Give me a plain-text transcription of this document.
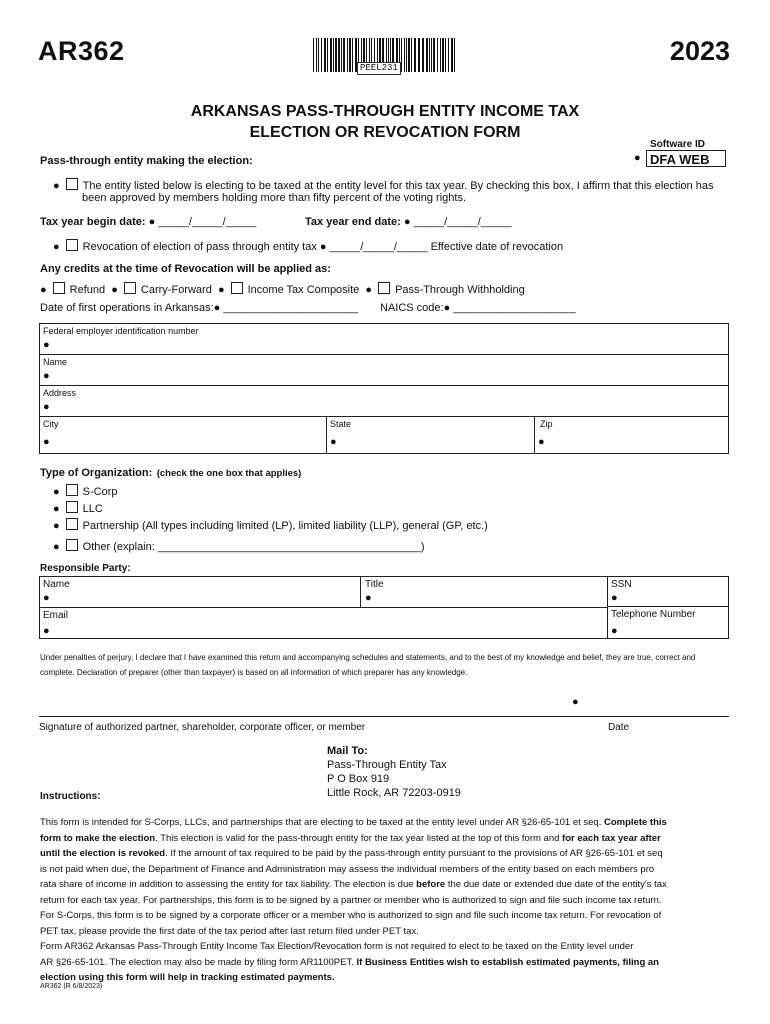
AR362	2023
PEEL231
ARKANSAS PASS-THROUGH ENTITY INCOME TAX
ELECTION OR REVOCATION FORM
Software ID
● DFA WEB
Pass-through entity making the election:
● The entity listed below is electing to be taxed at the entity level for this tax year. By checking this box, I affirm that this election has
been approved by members holding more than fifty percent of the voting rights.
Tax year begin date: ● _____/_____/_____	Tax year end date: ● _____/_____/_____
● Revocation of election of pass through entity tax ● _____/_____/_____ Effective date of revocation
Any credits at the time of Revocation will be applied as:
● Refund ● Carry-Forward ● Income Tax Composite ● Pass-Through Withholding
Date of first operations in Arkansas:● ______________________ NAICS code:● ____________________
Federal employer identification number
●
Name
●
Address
●
City
●
State
●
Zip
●
Type of Organization: (check the one box that applies)
● S-Corp
● LLC
● Partnership (All types including limited (LP), limited liability (LLP), general (GP, etc.)
● Other (explain: ___________________________________________)
Responsible Party:
Name
●
Title
●
SSN
●
Email
●
Telephone Number
●
Under penalties of perjury, I declare that I have examined this return and accompanying schedules and statements, and to the best of my knowledge and belief, they are true, correct and
complete. Declaration of preparer (other than taxpayer) is based on all information of which preparer has any knowledge.
●
Signature of authorized partner, shareholder, corporate officer, or member	Date
Mail To:
Pass-Through Entity Tax
P O Box 919
Little Rock, AR 72203-0919
Instructions:
This form is intended for S-Corps, LLCs, and partnerships that are electing to be taxed at the entity level under AR §26-65-101 et seq. Complete this
form to make the election. This election is valid for the pass-through entity for the tax year listed at the top of this form and for each tax year after
until the election is revoked. If the amount of tax required to be paid by the pass-through entity pursuant to the provisions of AR §26-65-101 et seq
is not paid when due, the Department of Finance and Administration may assess the individual members of the entity based on each members pro
rata share of income in addition to assessing the entity for tax liability. The election is due before the due date or extended due date of the entity's tax
return for each tax year. For partnerships, this form is to be signed by a partner or member who is authorized to sign and file such income tax return.
For S-Corps, this form is to be signed by a corporate officer or a member who is authorized to sign and file such income tax return. For revocation of
PET tax, please provide the first date of the tax period after last return filed under PET tax.
Form AR362 Arkansas Pass-Through Entity Income Tax Election/Revocation form is not required to elect to be taxed on the Entity level under
AR §26-65-101. The election may also be made by filing form AR1100PET. If Business Entities wish to establish estimated payments, filing an
election using this form will help in tracking estimated payments.
AR362 (R 6/8/2023)
